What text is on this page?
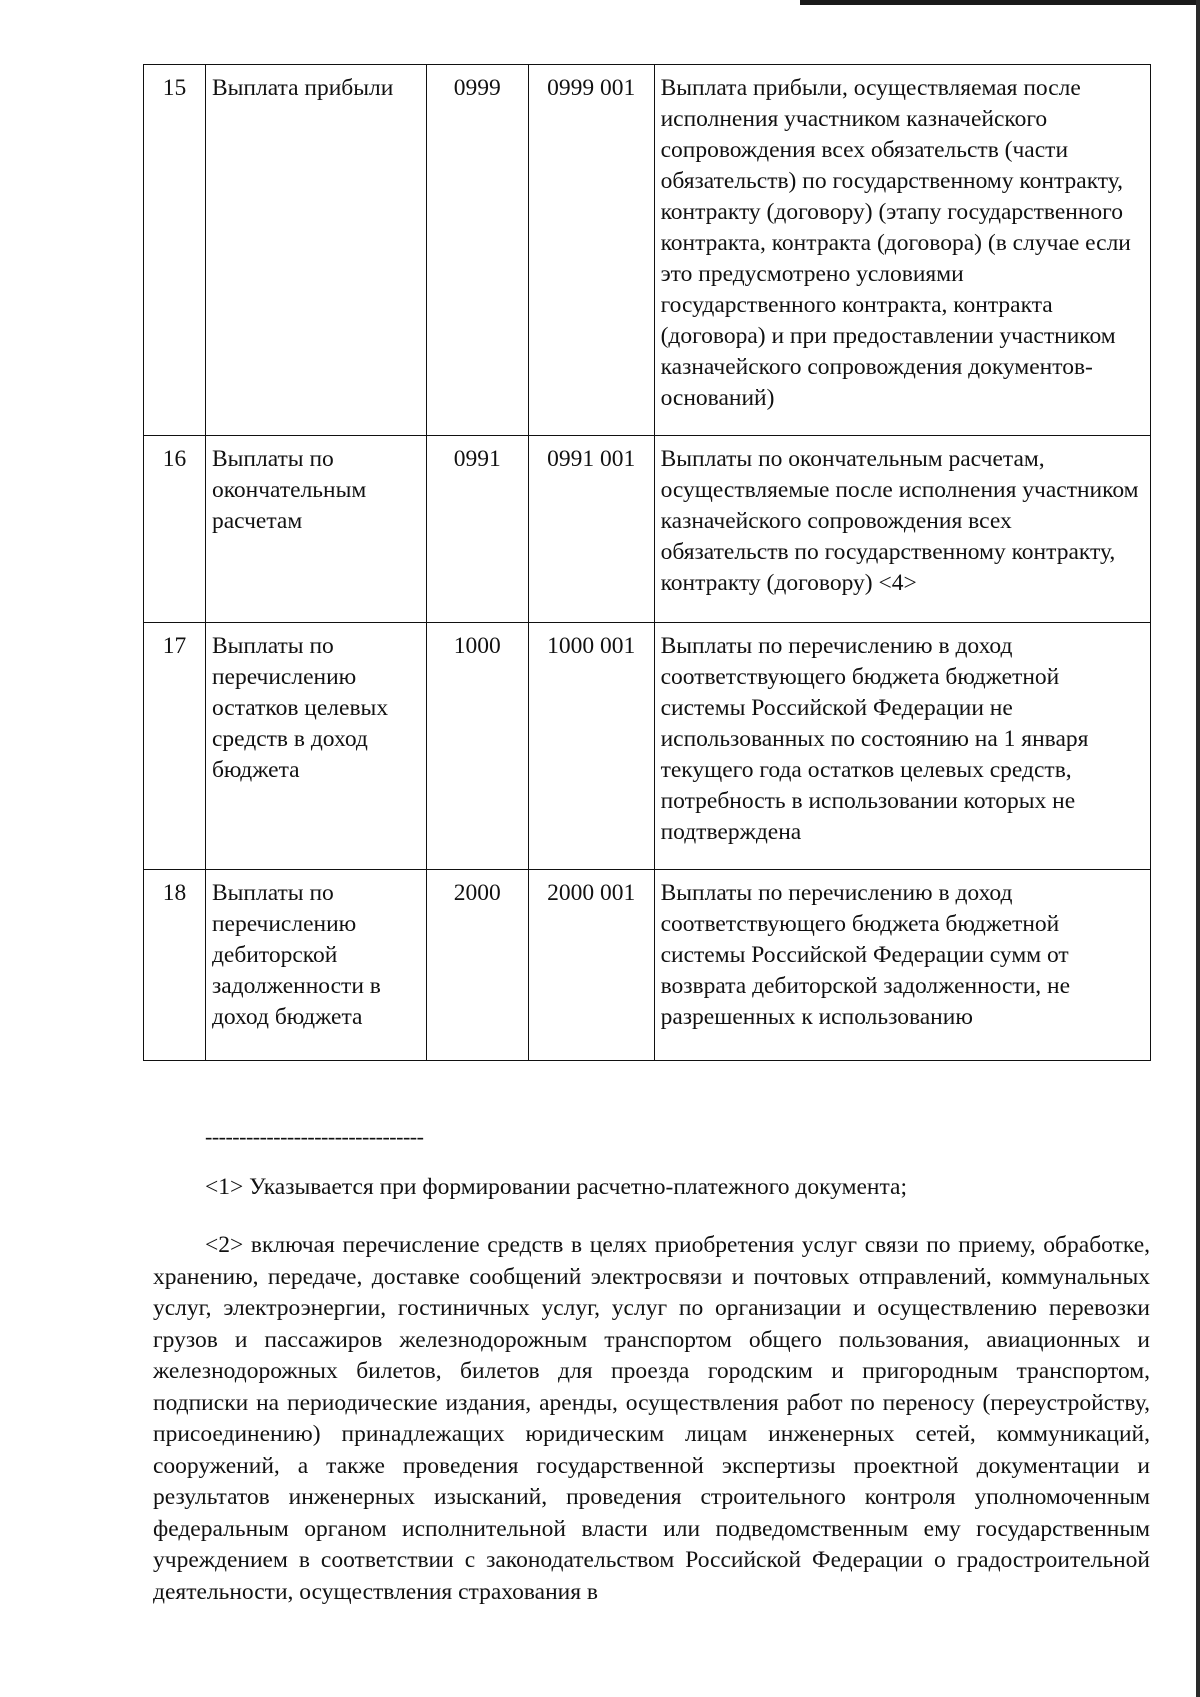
15	Выплата прибыли	0999	0999 001	Выплата прибыли, осуществляемая после исполнения участником казначейского сопровождения всех обязательств (части обязательств) по государственному контракту, контракту (договору) (этапу государственного контракта, контракта (договора) (в случае если это предусмотрено условиями государственного контракта, контракта (договора) и при предоставлении участником казначейского сопровождения документов-оснований)
16	Выплаты по окончательным расчетам	0991	0991 001	Выплаты по окончательным расчетам, осуществляемые после исполнения участником казначейского сопровождения всех обязательств по государственному контракту, контракту (договору) <4>
17	Выплаты по перечислению остатков целевых средств в доход бюджета	1000	1000 001	Выплаты по перечислению в доход соответствующего бюджета бюджетной системы Российской Федерации не использованных по состоянию на 1 января текущего года остатков целевых средств, потребность в использовании которых не подтверждена
18	Выплаты по перечислению дебиторской задолженности в доход бюджета	2000	2000 001	Выплаты по перечислению в доход соответствующего бюджета бюджетной системы Российской Федерации сумм от возврата дебиторской задолженности, не разрешенных к использованию
--------------------------------

<1> Указывается при формировании расчетно-платежного документа;

<2> включая перечисление средств в целях приобретения услуг связи по приему, обработке, хранению, передаче, доставке сообщений электросвязи и почтовых отправлений, коммунальных услуг, электроэнергии, гостиничных услуг, услуг по организации и осуществлению перевозки грузов и пассажиров железнодорожным транспортом общего пользования, авиационных и железнодорожных билетов, билетов для проезда городским и пригородным транспортом, подписки на периодические издания, аренды, осуществления работ по переносу (переустройству, присоединению) принадлежащих юридическим лицам инженерных сетей, коммуникаций, сооружений, а также проведения государственной экспертизы проектной документации и результатов инженерных изысканий, проведения строительного контроля уполномоченным федеральным органом исполнительной власти или подведомственным ему государственным учреждением в соответствии с законодательством Российской Федерации о градостроительной деятельности, осуществления страхования в
